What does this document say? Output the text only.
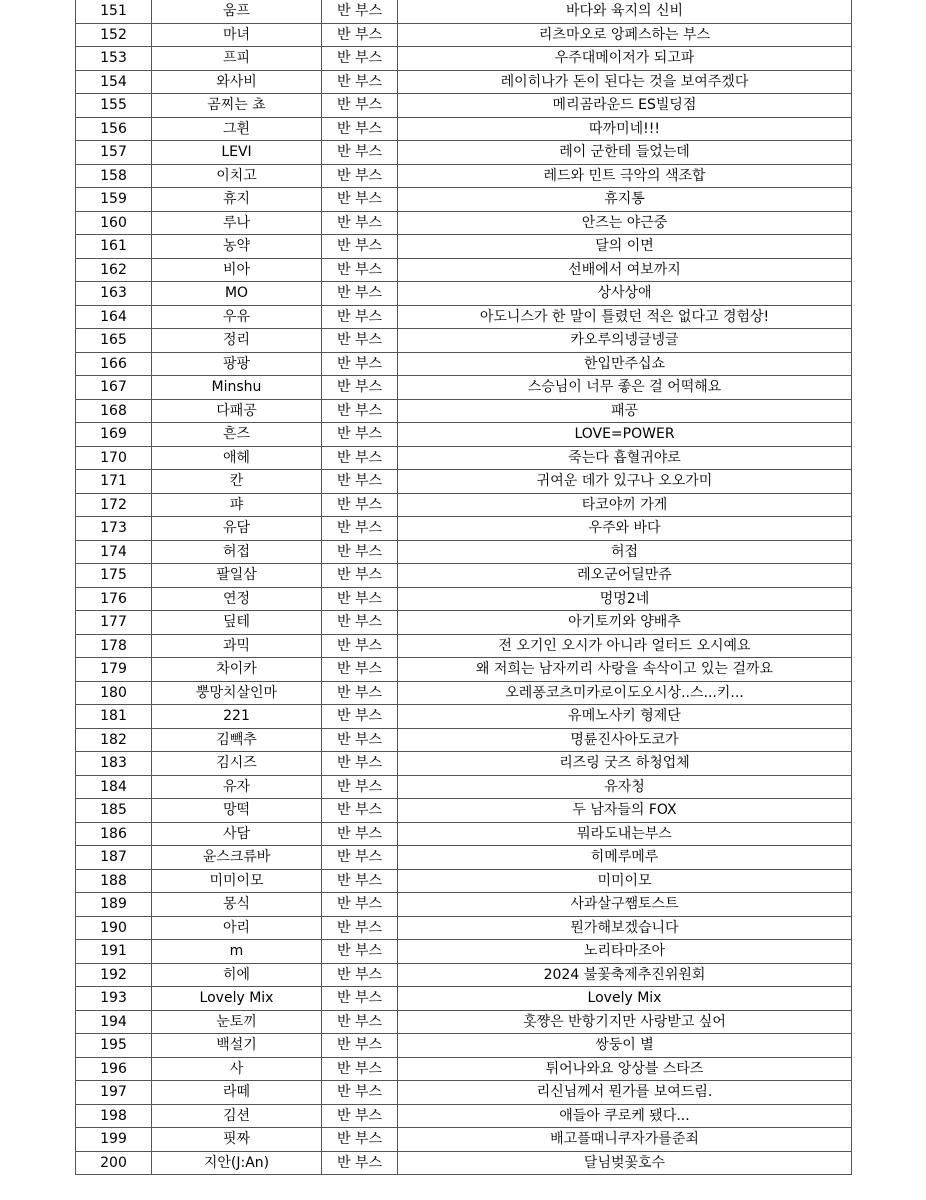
151	움프	반 부스	바다와 육지의 신비
152	마녀	반 부스	리츠마오로 앙페스하는 부스
153	프피	반 부스	우주대메이저가 되고파
154	와사비	반 부스	레이히나가 돈이 된다는 것을 보여주겠다
155	곰찌는 쵸	반 부스	메리곰라운드 ES빌딩점
156	그휜	반 부스	따까미네!!!
157	LEVI	반 부스	레이 군한테 들었는데
158	이치고	반 부스	레드와 민트 극악의 색조합
159	휴지	반 부스	휴지통
160	루나	반 부스	안즈는 야근중
161	농약	반 부스	달의 이면
162	비아	반 부스	선배에서 여보까지
163	MO	반 부스	상사상애
164	우유	반 부스	아도니스가 한 말이 틀렸던 적은 없다고 경험상!
165	정리	반 부스	카오루의넹글넹글
166	팡팡	반 부스	한입만주십쇼
167	Minshu	반 부스	스승님이 너무 좋은 걸 어떡해요
168	다패공	반 부스	패공
169	흔즈	반 부스	LOVE=POWER
170	애헤	반 부스	죽는다 흡혈귀야로
171	칸	반 부스	귀여운 데가 있구나 오오가미
172	퍄	반 부스	타코야끼 가게
173	유담	반 부스	우주와 바다
174	허접	반 부스	허접
175	팔일삼	반 부스	레오군어딜만쥬
176	연정	반 부스	멍멍2네
177	딮테	반 부스	아기토끼와 양배추
178	과믹	반 부스	전 오기인 오시가 아니라 얼터드 오시예요
179	차이카	반 부스	왜 저희는 남자끼리 사랑을 속삭이고 있는 걸까요
180	뿡망치살인마	반 부스	오레퐁코츠미카로이도오시상..스...키...
181	221	반 부스	유메노사키 형제단
182	김빽추	반 부스	명륜진사아도코가
183	김시즈	반 부스	리즈링 굿즈 하청업체
184	유자	반 부스	유자청
185	망떡	반 부스	두 남자들의 FOX
186	사담	반 부스	뭐라도내는부스
187	윤스크류바	반 부스	히메루메루
188	미미이모	반 부스	미미이모
189	몽식	반 부스	사과살구쨈토스트
190	아리	반 부스	뭔가해보겠습니다
191	m	반 부스	노리타마조아
192	히에	반 부스	2024 불꽃축제추진위원회
193	Lovely Mix	반 부스	Lovely Mix
194	눈토끼	반 부스	홋쨩은 반항기지만 사랑받고 싶어
195	백설기	반 부스	쌍둥이 별
196	사	반 부스	튀어나와요 앙상블 스타즈
197	라떼	반 부스	리신님께서 뭔가를 보여드림.
198	김션	반 부스	애들아 쿠로케 됐다...
199	핏짜	반 부스	배고플때니쿠자가를준죄
200	지안(J:An)	반 부스	달님벚꽃호수
